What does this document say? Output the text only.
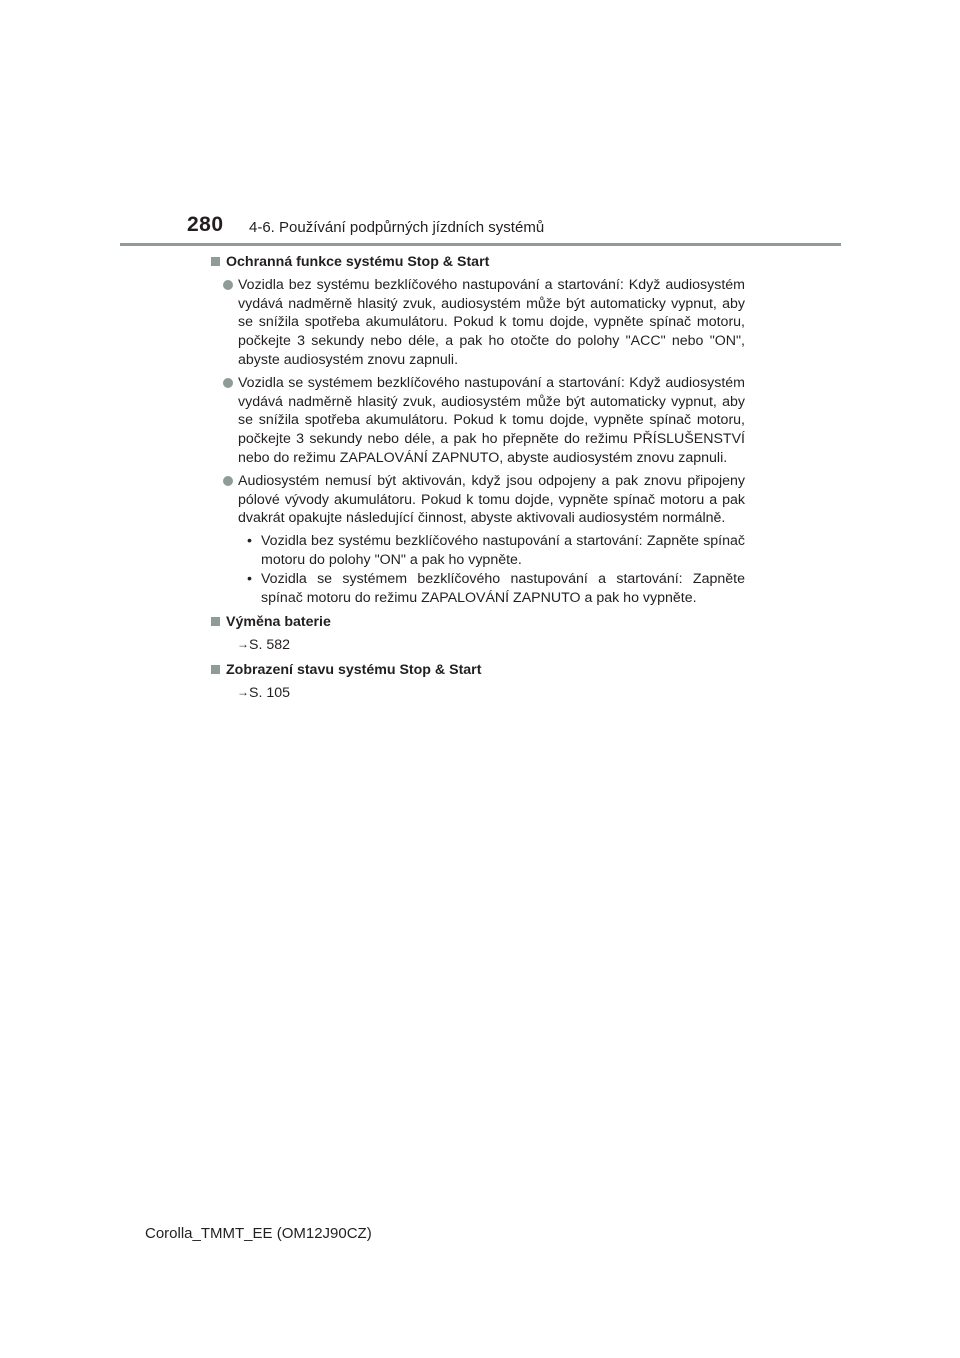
280 4-6. Používání podpůrných jízdních systémů
Ochranná funkce systému Stop & Start
Vozidla bez systému bezklíčového nastupování a startování: Když audiosystém vydává nadměrně hlasitý zvuk, audiosystém může být automaticky vypnut, aby se snížila spotřeba akumulátoru. Pokud k tomu dojde, vypněte spínač motoru, počkejte 3 sekundy nebo déle, a pak ho otočte do polohy "ACC" nebo "ON", abyste audiosystém znovu zapnuli.
Vozidla se systémem bezklíčového nastupování a startování: Když audiosystém vydává nadměrně hlasitý zvuk, audiosystém může být automaticky vypnut, aby se snížila spotřeba akumulátoru. Pokud k tomu dojde, vypněte spínač motoru, počkejte 3 sekundy nebo déle, a pak ho přepněte do režimu PŘÍSLUŠENSTVÍ nebo do režimu ZAPALOVÁNÍ ZAPNUTO, abyste audiosystém znovu zapnuli.
Audiosystém nemusí být aktivován, když jsou odpojeny a pak znovu připojeny pólové vývody akumulátoru. Pokud k tomu dojde, vypněte spínač motoru a pak dvakrát opakujte následující činnost, abyste aktivovali audiosystém normálně.
• Vozidla bez systému bezklíčového nastupování a startování: Zapněte spínač motoru do polohy "ON" a pak ho vypněte.
• Vozidla se systémem bezklíčového nastupování a startování: Zapněte spínač motoru do režimu ZAPALOVÁNÍ ZAPNUTO a pak ho vypněte.
Výměna baterie
→S. 582
Zobrazení stavu systému Stop & Start
→S. 105
Corolla_TMMT_EE (OM12J90CZ)
